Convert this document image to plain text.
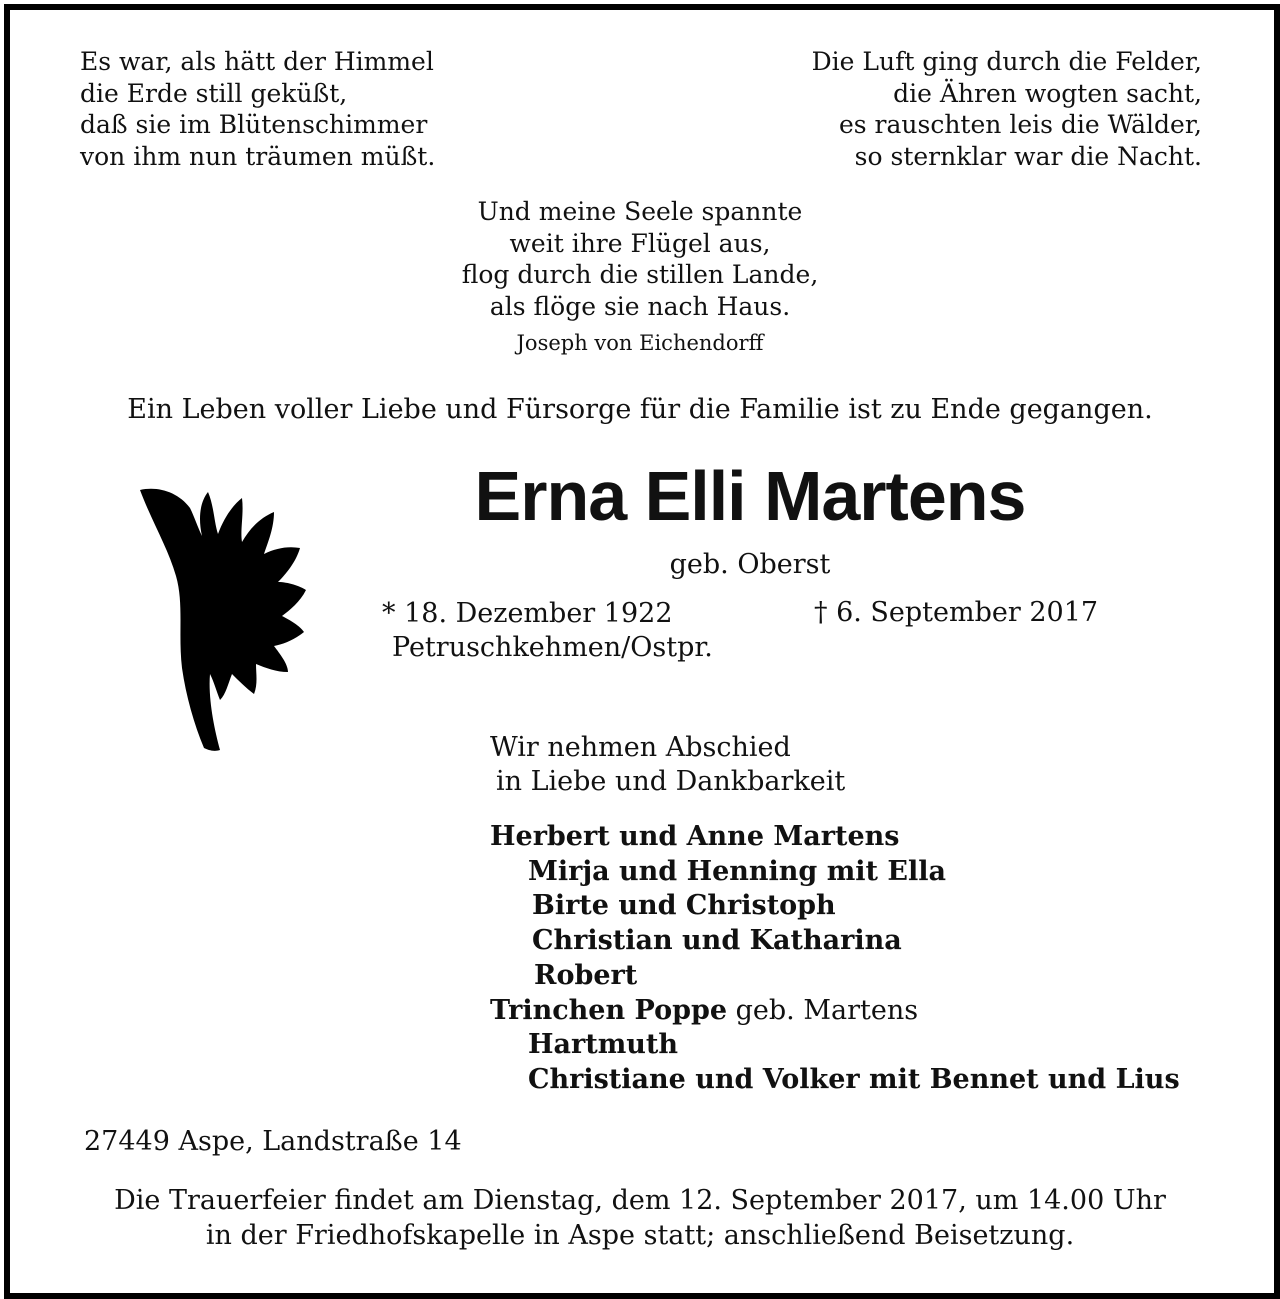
Es war, als hätt der Himmel
die Erde still geküßt,
daß sie im Blütenschimmer
von ihm nun träumen müßt.
Die Luft ging durch die Felder,
die Ähren wogten sacht,
es rauschten leis die Wälder,
so sternklar war die Nacht.
Und meine Seele spannte
weit ihre Flügel aus,
flog durch die stillen Lande,
als flöge sie nach Haus.
Joseph von Eichendorff
Ein Leben voller Liebe und Fürsorge für die Familie ist zu Ende gegangen.
Erna Elli Martens
geb. Oberst
* 18. Dezember 1922
Petruschkehmen/Ostpr.
† 6. September 2017
Wir nehmen Abschied
in Liebe und Dankbarkeit
Herbert und Anne Martens
Mirja und Henning mit Ella
Birte und Christoph
Christian und Katharina
Robert
Trinchen Poppe geb. Martens
Hartmuth
Christiane und Volker mit Bennet und Lius
27449 Aspe, Landstraße 14
Die Trauerfeier findet am Dienstag, dem 12. September 2017, um 14.00 Uhr
in der Friedhofskapelle in Aspe statt; anschließend Beisetzung.
